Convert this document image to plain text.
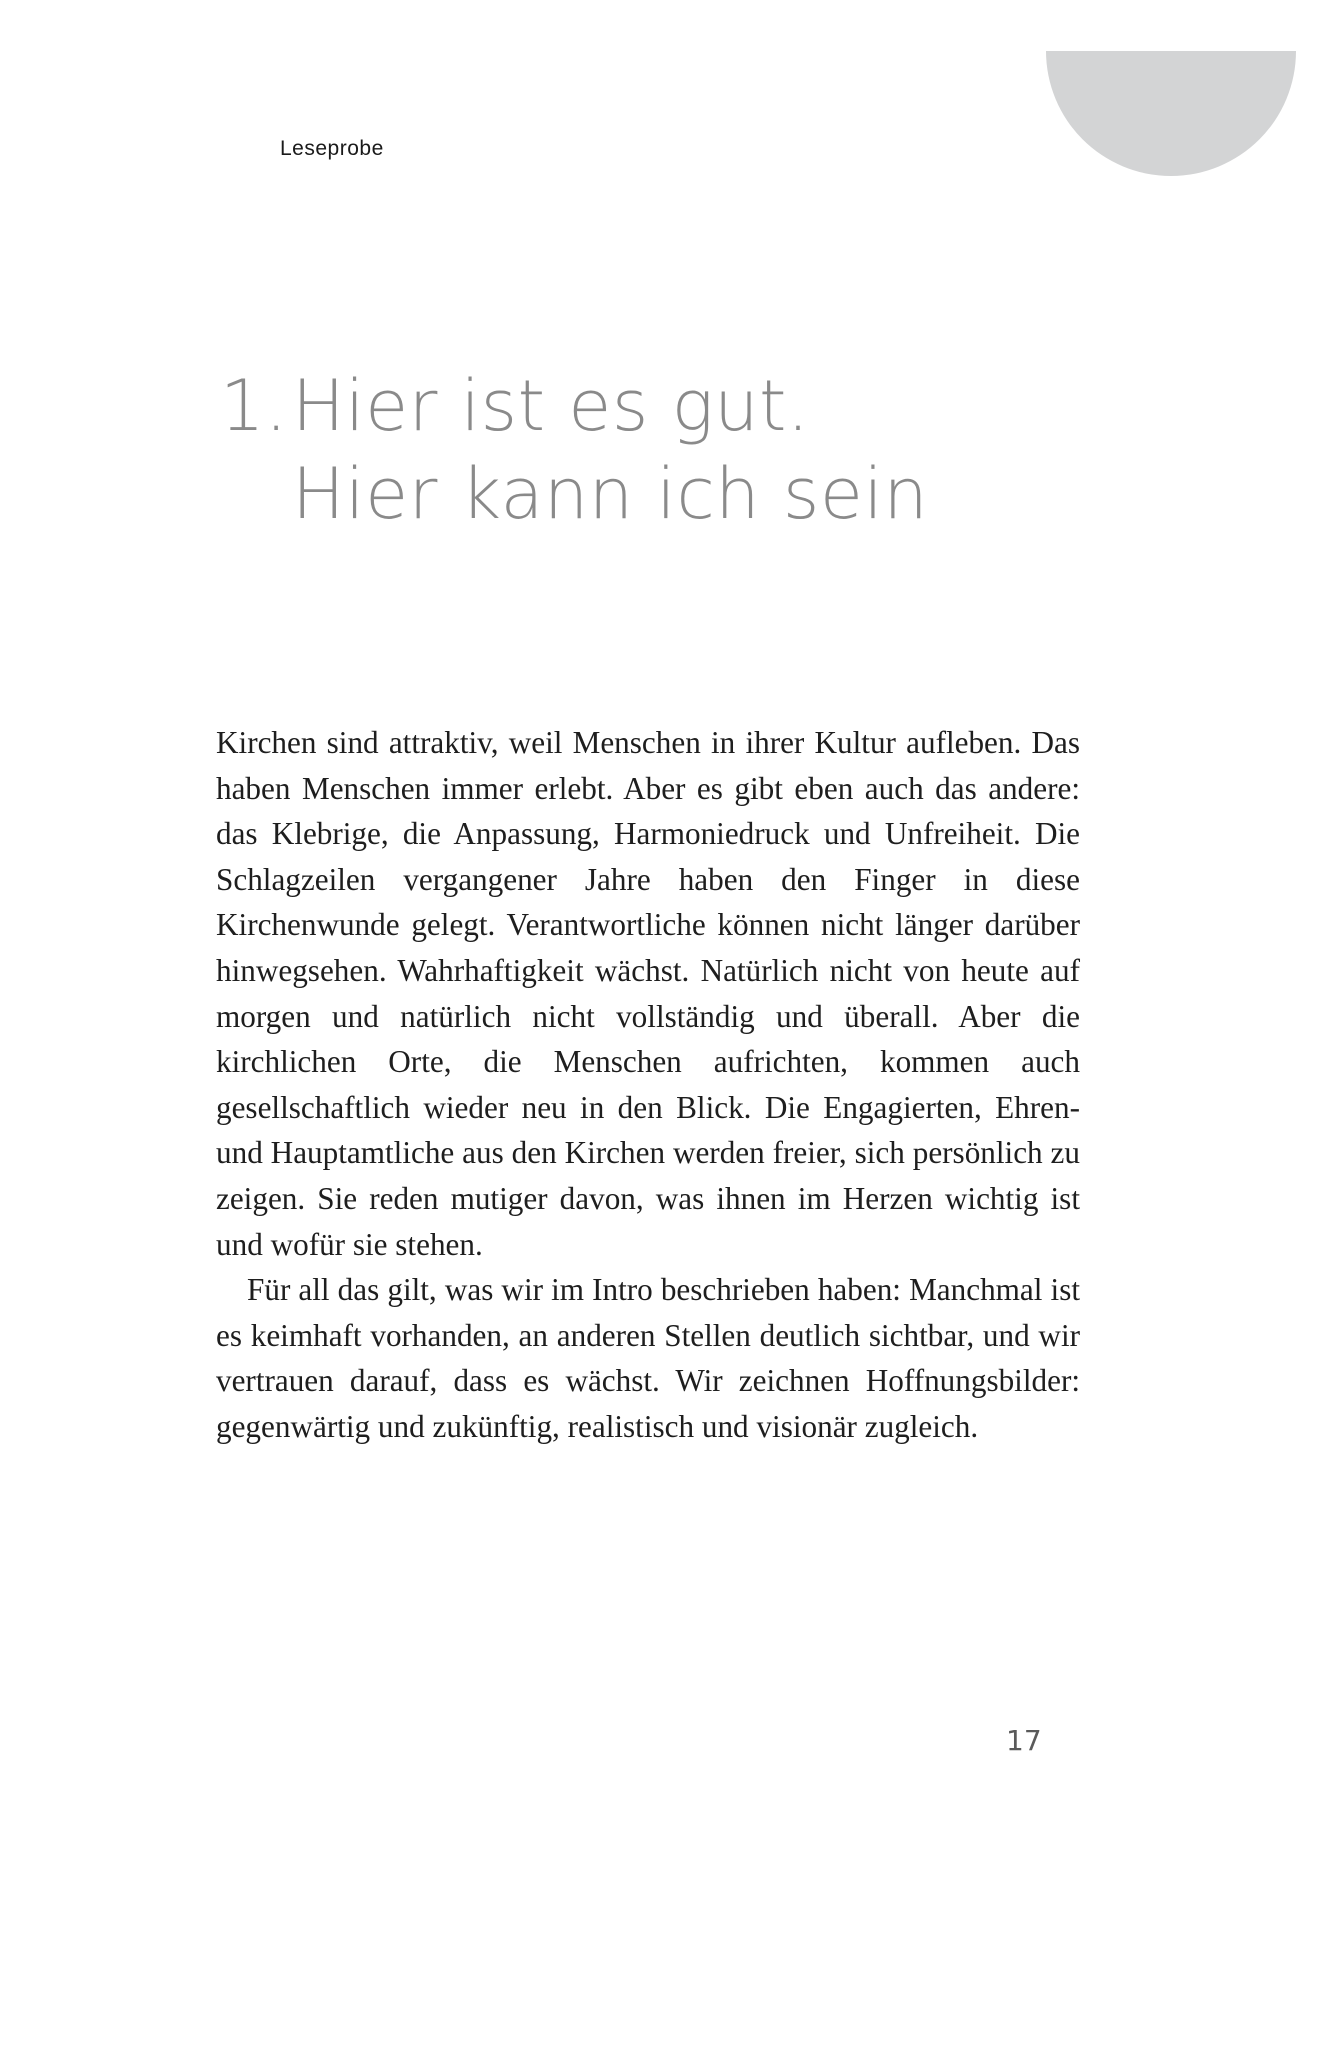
Leseprobe
1.Hier ist es gut.
Hier kann ich sein

Kirchen sind attraktiv, weil Menschen in ihrer Kultur aufleben. Das haben Menschen immer erlebt. Aber es gibt eben auch das andere: das Klebrige, die Anpassung, Harmoniedruck und Unfreiheit. Die Schlagzeilen vergangener Jahre haben den Finger in diese Kirchenwunde gelegt. Verantwortliche können nicht länger darüber hinwegsehen. Wahrhaftigkeit wächst. Natürlich nicht von heute auf morgen und natürlich nicht vollständig und überall. Aber die kirchlichen Orte, die Menschen aufrichten, kommen auch gesellschaftlich wieder neu in den Blick. Die Engagierten, Ehren- und Hauptamtliche aus den Kirchen werden freier, sich persönlich zu zeigen. Sie reden mutiger davon, was ihnen im Herzen wichtig ist und wofür sie stehen.

Für all das gilt, was wir im Intro beschrieben haben: Manchmal ist es keimhaft vorhanden, an anderen Stellen deutlich sichtbar, und wir vertrauen darauf, dass es wächst. Wir zeichnen Hoffnungsbilder: gegenwärtig und zukünftig, realistisch und visionär zugleich.

17
